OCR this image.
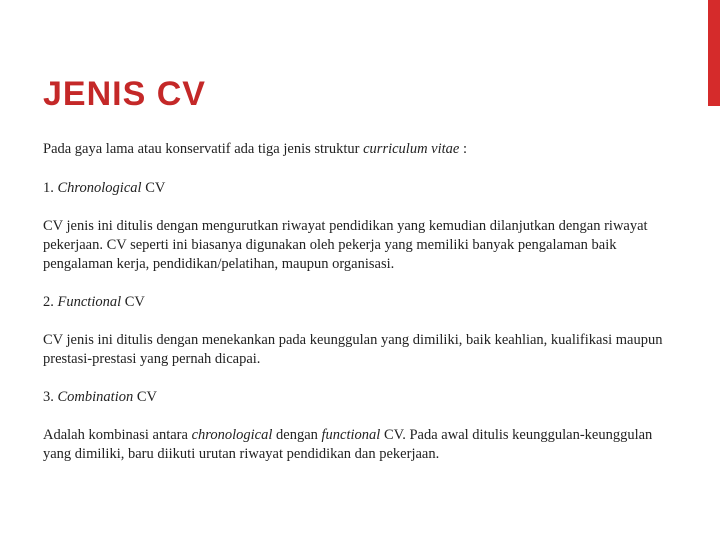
JENIS CV

Pada gaya lama atau konservatif ada tiga jenis struktur curriculum vitae :

1. Chronological CV

CV jenis ini ditulis dengan mengurutkan riwayat pendidikan yang kemudian dilanjutkan dengan riwayat pekerjaan. CV seperti ini biasanya digunakan oleh pekerja yang memiliki banyak pengalaman baik pengalaman kerja, pendidikan/pelatihan, maupun organisasi.

2. Functional CV

CV jenis ini ditulis dengan menekankan pada keunggulan yang dimiliki, baik keahlian, kualifikasi maupun prestasi-prestasi yang pernah dicapai.

3. Combination CV

Adalah kombinasi antara chronological dengan functional CV. Pada awal ditulis keunggulan-keunggulan yang dimiliki, baru diikuti urutan riwayat pendidikan dan pekerjaan.
